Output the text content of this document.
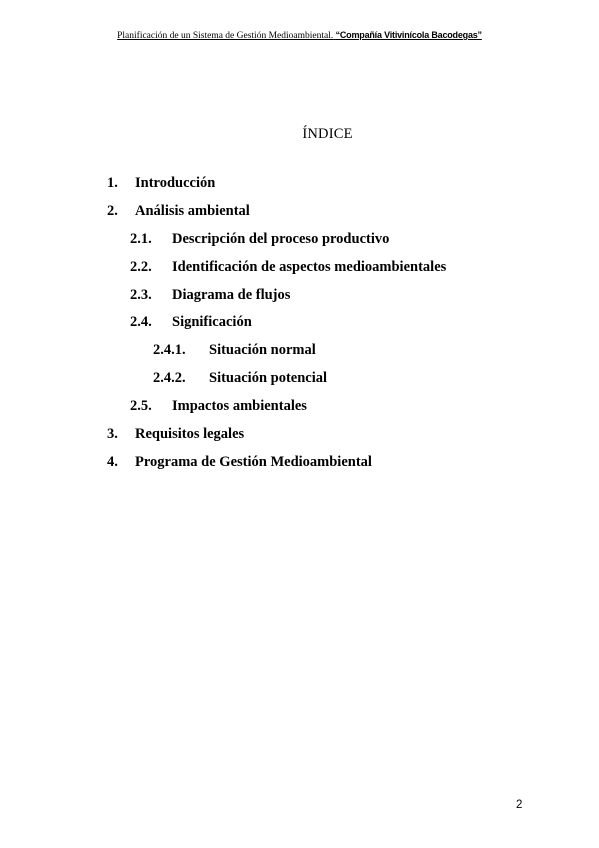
Planificación de un Sistema de Gestión Medioambiental. “Compañía Vitivinícola Bacodegas”
ÍNDICE
1. Introducción
2. Análisis ambiental
2.1. Descripción del proceso productivo
2.2. Identificación de aspectos medioambientales
2.3. Diagrama de flujos
2.4. Significación
2.4.1. Situación normal
2.4.2. Situación potencial
2.5. Impactos ambientales
3. Requisitos legales
4. Programa de Gestión Medioambiental
2
